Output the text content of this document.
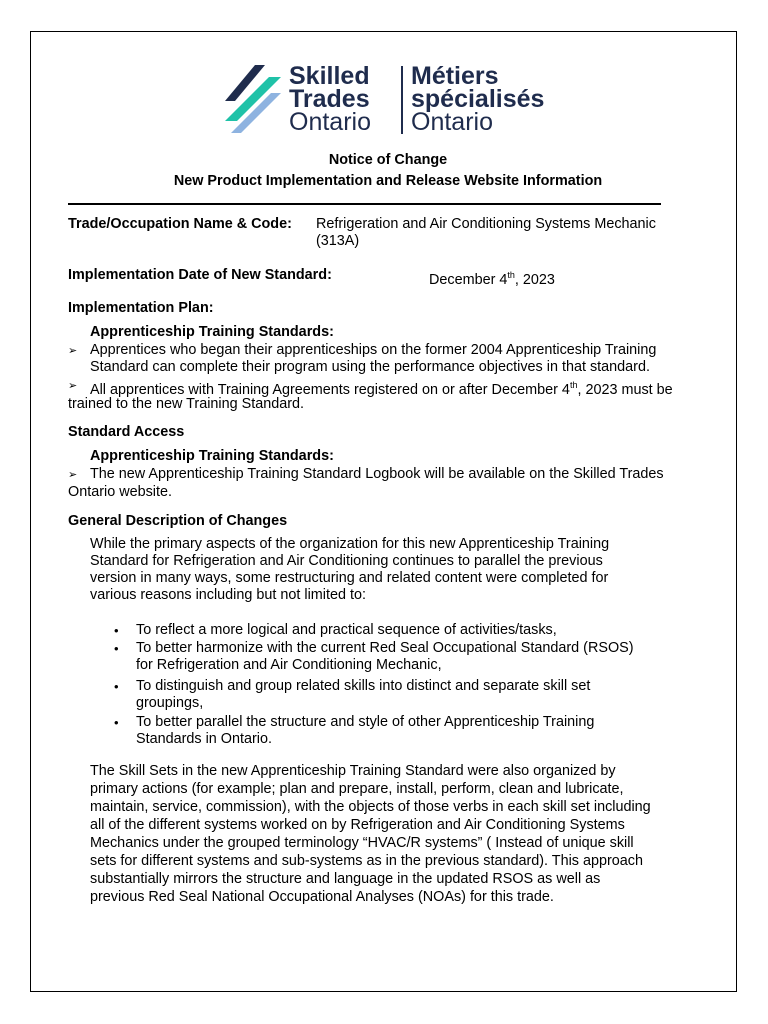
Skilled
Trades
Ontario
Métiers
spécialisés
Ontario
Notice of Change
New Product Implementation and Release Website Information
Trade/Occupation Name & Code: Refrigeration and Air Conditioning Systems Mechanic
(313A)
Implementation Date of New Standard:	December 4th, 2023
Implementation Plan:
Apprenticeship Training Standards:
➢ Apprentices who began their apprenticeships on the former 2004 Apprenticeship Training
Standard can complete their program using the performance objectives in that standard.
➢ All apprentices with Training Agreements registered on or after December 4th, 2023 must be
trained to the new Training Standard.
Standard Access
Apprenticeship Training Standards:
➢ The new Apprenticeship Training Standard Logbook will be available on the Skilled Trades
Ontario website.
General Description of Changes
While the primary aspects of the organization for this new Apprenticeship Training
Standard for Refrigeration and Air Conditioning continues to parallel the previous
version in many ways, some restructuring and related content were completed for
various reasons including but not limited to:
• To reflect a more logical and practical sequence of activities/tasks,
• To better harmonize with the current Red Seal Occupational Standard (RSOS)
for Refrigeration and Air Conditioning Mechanic,
• To distinguish and group related skills into distinct and separate skill set
groupings,
• To better parallel the structure and style of other Apprenticeship Training
Standards in Ontario.
The Skill Sets in the new Apprenticeship Training Standard were also organized by
primary actions (for example; plan and prepare, install, perform, clean and lubricate,
maintain, service, commission), with the objects of those verbs in each skill set including
all of the different systems worked on by Refrigeration and Air Conditioning Systems
Mechanics under the grouped terminology “HVAC/R systems” ( Instead of unique skill
sets for different systems and sub-systems as in the previous standard). This approach
substantially mirrors the structure and language in the updated RSOS as well as
previous Red Seal National Occupational Analyses (NOAs) for this trade.
